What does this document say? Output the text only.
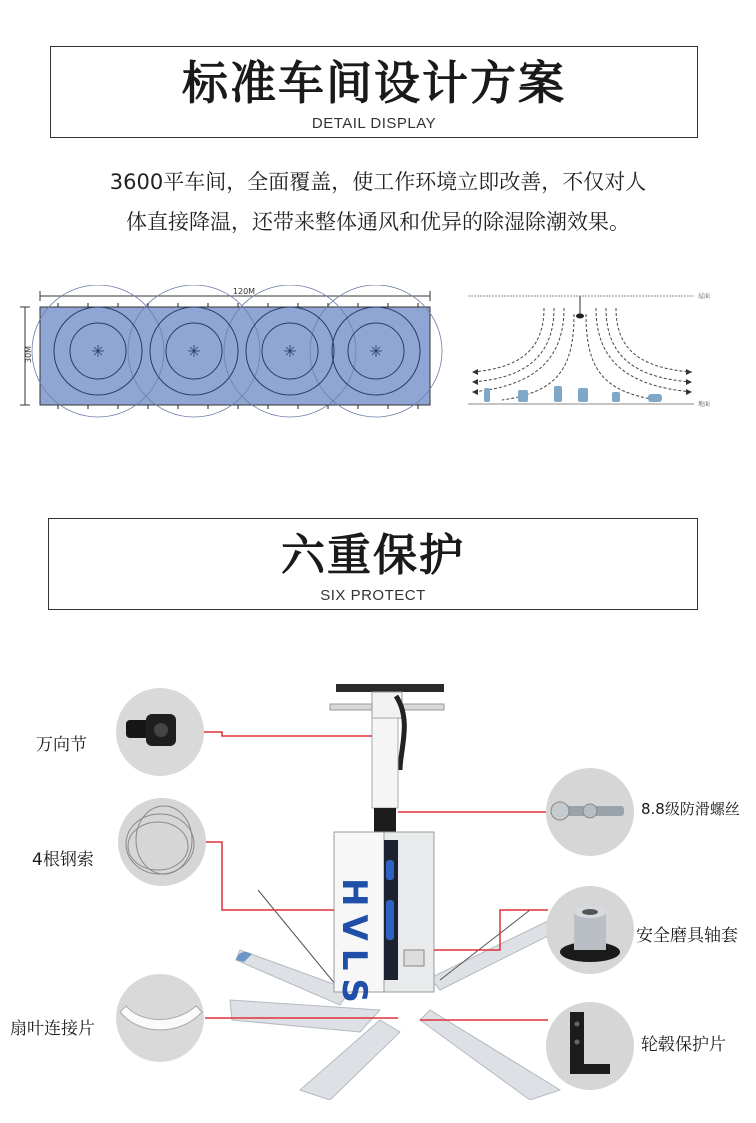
标准车间设计方案
DETAIL DISPLAY
3600平车间，全面覆盖，使工作环境立即改善，不仅对人
体直接降温，还带来整体通风和优异的除湿除潮效果。
120M
30M
屋面
地面
六重保护
SIX PROTECT
HVLS
万向节
4根钢索
扇叶连接片
8.8级防滑螺丝
安全磨具轴套
轮毂保护片
